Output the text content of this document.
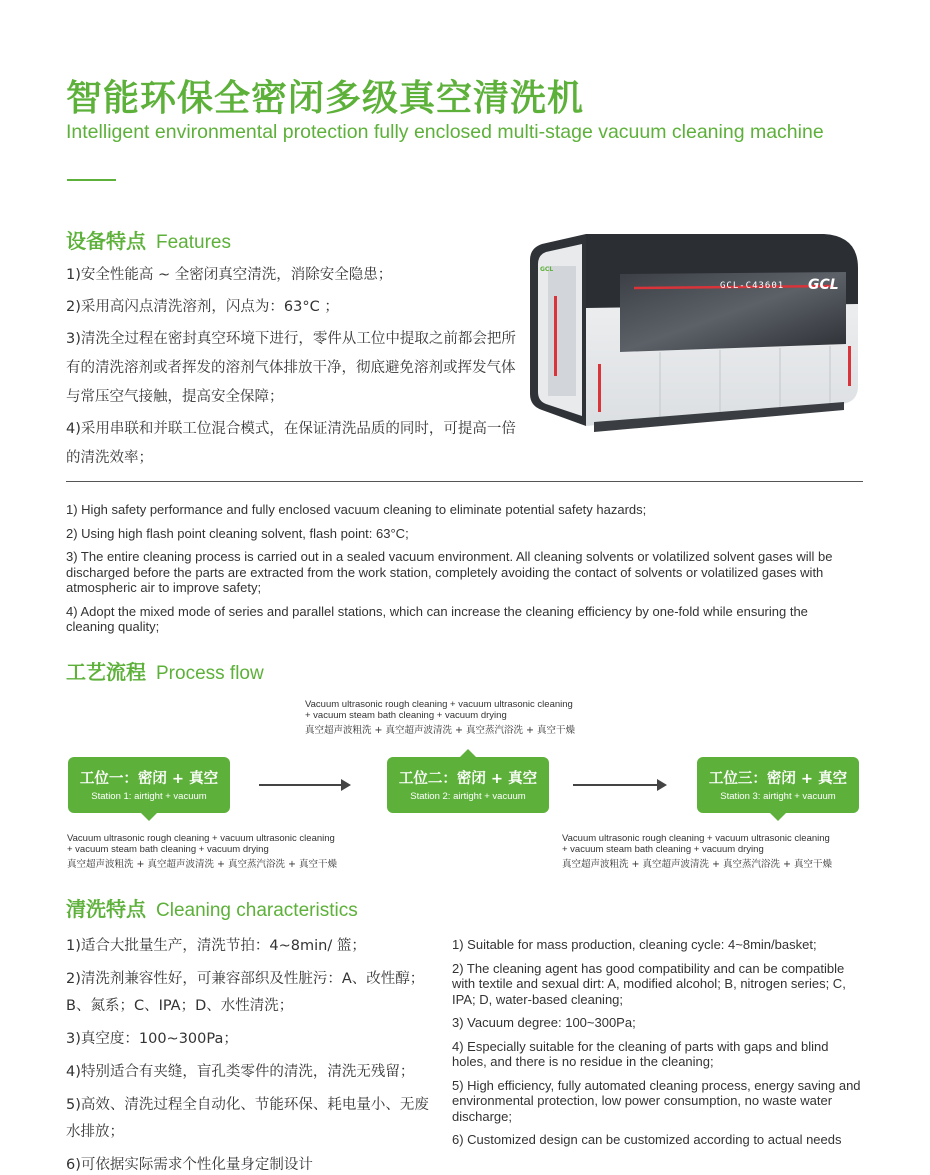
智能环保全密闭多级真空清洗机
Intelligent environmental protection fully enclosed multi-stage vacuum cleaning machine
设备特点 Features
1)安全性能高 ~ 全密闭真空清洗，消除安全隐患；
2)采用高闪点清洗溶剂，闪点为：63°C ；
3)清洗全过程在密封真空环境下进行，零件从工位中提取之前都会把所有的清洗溶剂或者挥发的溶剂气体排放干净，彻底避免溶剂或挥发气体与常压空气接触，提高安全保障；
4)采用串联和并联工位混合模式，在保证清洗品质的同时，可提高一倍的清洗效率；
GCL-C43601 GCL
GCL

1) High safety performance and fully enclosed vacuum cleaning to eliminate potential safety hazards;

2) Using high flash point cleaning solvent, flash point: 63°C;

3) The entire cleaning process is carried out in a sealed vacuum environment. All cleaning solvents or volatilized solvent gases will be discharged before the parts are extracted from the work station, completely avoiding the contact of solvents or volatilized gases with atmospheric air to improve safety;

4) Adopt the mixed mode of series and parallel stations, which can increase the cleaning efficiency by one-fold while ensuring the cleaning quality;

工艺流程 Process flow
Vacuum ultrasonic rough cleaning + vacuum ultrasonic cleaning
+ vacuum steam bath cleaning + vacuum drying
真空超声波粗洗 + 真空超声波清洗 + 真空蒸汽浴洗 + 真空干燥
工位一：密闭 + 真空
Station 1: airtight + vacuum
工位二：密闭 + 真空
Station 2: airtight + vacuum
工位三：密闭 + 真空
Station 3: airtight + vacuum
Vacuum ultrasonic rough cleaning + vacuum ultrasonic cleaning
+ vacuum steam bath cleaning + vacuum drying
真空超声波粗洗 + 真空超声波清洗 + 真空蒸汽浴洗 + 真空干燥
Vacuum ultrasonic rough cleaning + vacuum ultrasonic cleaning
+ vacuum steam bath cleaning + vacuum drying
真空超声波粗洗 + 真空超声波清洗 + 真空蒸汽浴洗 + 真空干燥
清洗特点 Cleaning characteristics
1)适合大批量生产，清洗节拍：4~8min/ 篮；
2)清洗剂兼容性好，可兼容部织及性脏污：A、改性醇；B、氮系；C、IPA；D、水性清洗；
3)真空度：100~300Pa；
4)特别适合有夹缝，盲孔类零件的清洗，清洗无残留；
5)高效、清洗过程全自动化、节能环保、耗电量小、无废水排放；
6)可依据实际需求个性化量身定制设计

1) Suitable for mass production, cleaning cycle: 4~8min/basket;

2) The cleaning agent has good compatibility and can be compatible with textile and sexual dirt: A, modified alcohol; B, nitrogen series; C, IPA; D, water-based cleaning;

3) Vacuum degree: 100~300Pa;

4) Especially suitable for the cleaning of parts with gaps and blind holes, and there is no residue in the cleaning;

5) High efficiency, fully automated cleaning process, energy saving and environmental protection, low power consumption, no waste water discharge;

6) Customized design can be customized according to actual needs
